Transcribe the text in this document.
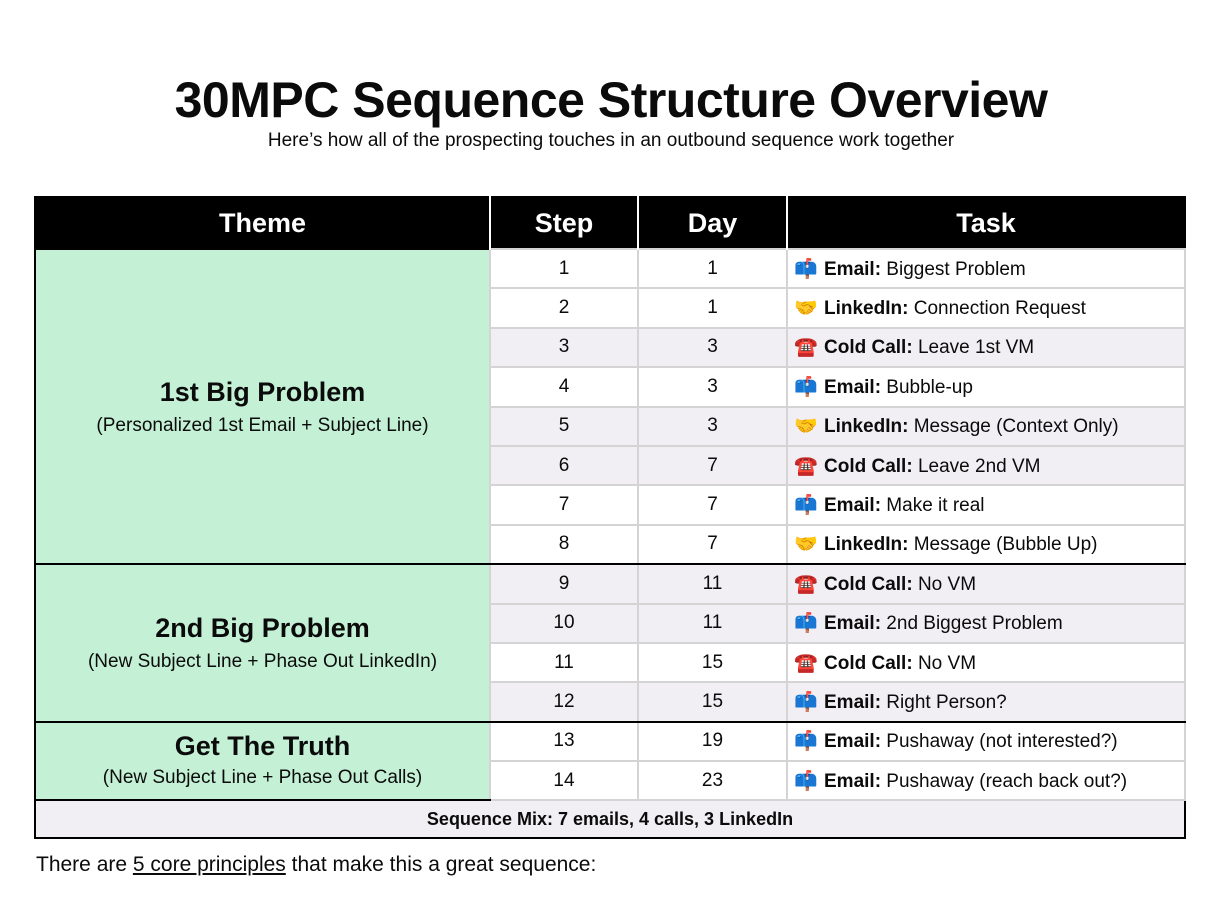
30MPC Sequence Structure Overview
Here’s how all of the prospecting touches in an outbound sequence work together
Theme	Step	Day	Task

1st Big Problem
(Personalized 1st Email + Subject Line)	1	1	📫 Email: Biggest Problem
	2	1	🤝 LinkedIn: Connection Request
	3	3	☎️ Cold Call: Leave 1st VM
	4	3	📫 Email: Bubble-up
	5	3	🤝 LinkedIn: Message (Context Only)
	6	7	☎️ Cold Call: Leave 2nd VM
	7	7	📫 Email: Make it real
	8	7	🤝 LinkedIn: Message (Bubble Up)

2nd Big Problem
(New Subject Line + Phase Out LinkedIn)	9	11	☎️ Cold Call: No VM
	10	11	📫 Email: 2nd Biggest Problem
	11	15	☎️ Cold Call: No VM
	12	15	📫 Email: Right Person?

Get The Truth
(New Subject Line + Phase Out Calls)	13	19	📫 Email: Pushaway (not interested?)
	14	23	📫 Email: Pushaway (reach back out?)
Sequence Mix: 7 emails, 4 calls, 3 LinkedIn			
There are 5 core principles that make this a great sequence:
